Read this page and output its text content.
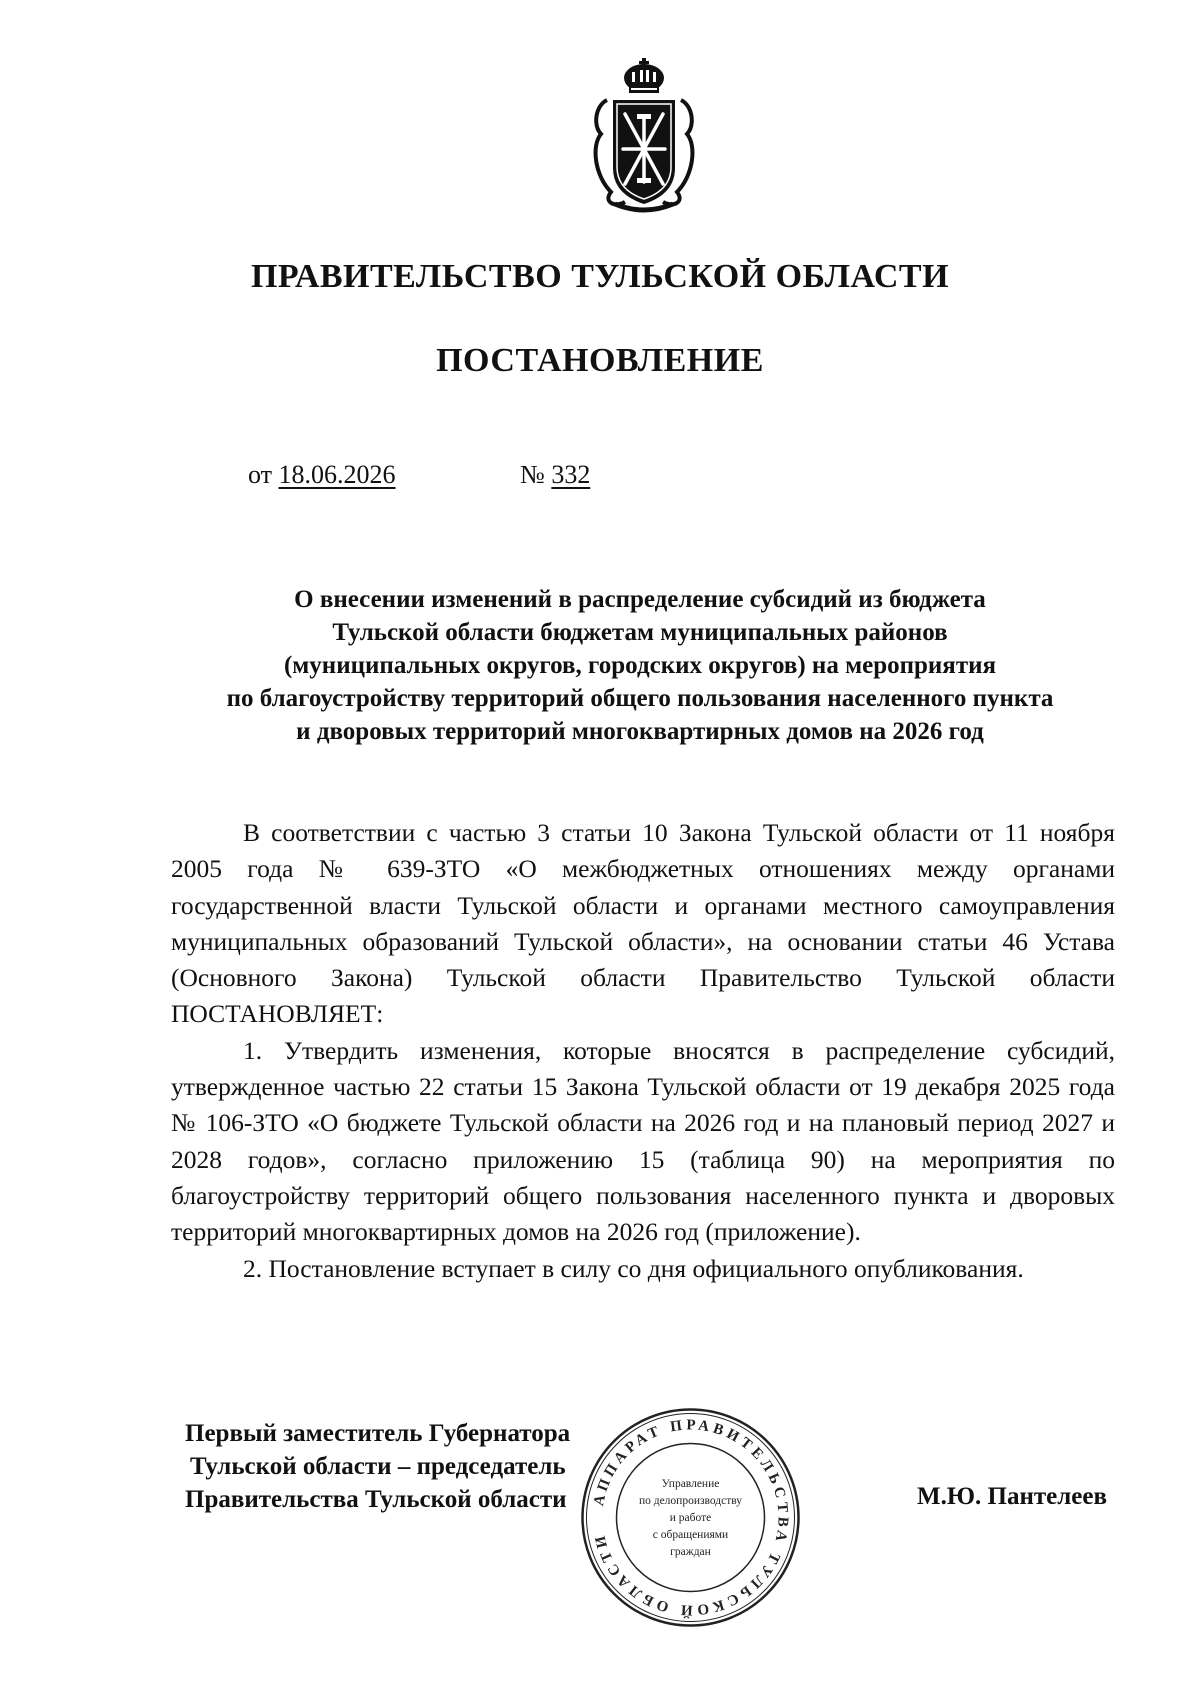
ПРАВИТЕЛЬСТВО ТУЛЬСКОЙ ОБЛАСТИ
ПОСТАНОВЛЕНИЕ
от 18.06.2026	№ 332
О внесении изменений в распределение субсидий из бюджета
Тульской области бюджетам муниципальных районов
(муниципальных округов, городских округов) на мероприятия
по благоустройству территорий общего пользования населенного пункта
и дворовых территорий многоквартирных домов на 2026 год

В соответствии с частью 3 статьи 10 Закона Тульской области от 11 ноября 2005 года № 639-ЗТО «О межбюджетных отношениях между органами государственной власти Тульской области и органами местного самоуправления муниципальных образований Тульской области», на основании статьи 46 Устава (Основного Закона) Тульской области Правительство Тульской области ПОСТАНОВЛЯЕТ:

1. Утвердить изменения, которые вносятся в распределение субсидий, утвержденное частью 22 статьи 15 Закона Тульской области от 19 декабря 2025 года № 106-ЗТО «О бюджете Тульской области на 2026 год и на плановый период 2027 и 2028 годов», согласно приложению 15 (таблица 90) на мероприятия по благоустройству территорий общего пользования населенного пункта и дворовых территорий многоквартирных домов на 2026 год (приложение).

2. Постановление вступает в силу со дня официального опубликования.

Первый заместитель Губернатора
Тульской области – председатель
Правительства Тульской области	М.Ю. Пантелеев
АППАРАТ ПРАВИТЕЛЬСТВА ТУЛЬСКОЙ ОБЛАСТИ
Управление
по делопроизводству
и работе
с обращениями
граждан
